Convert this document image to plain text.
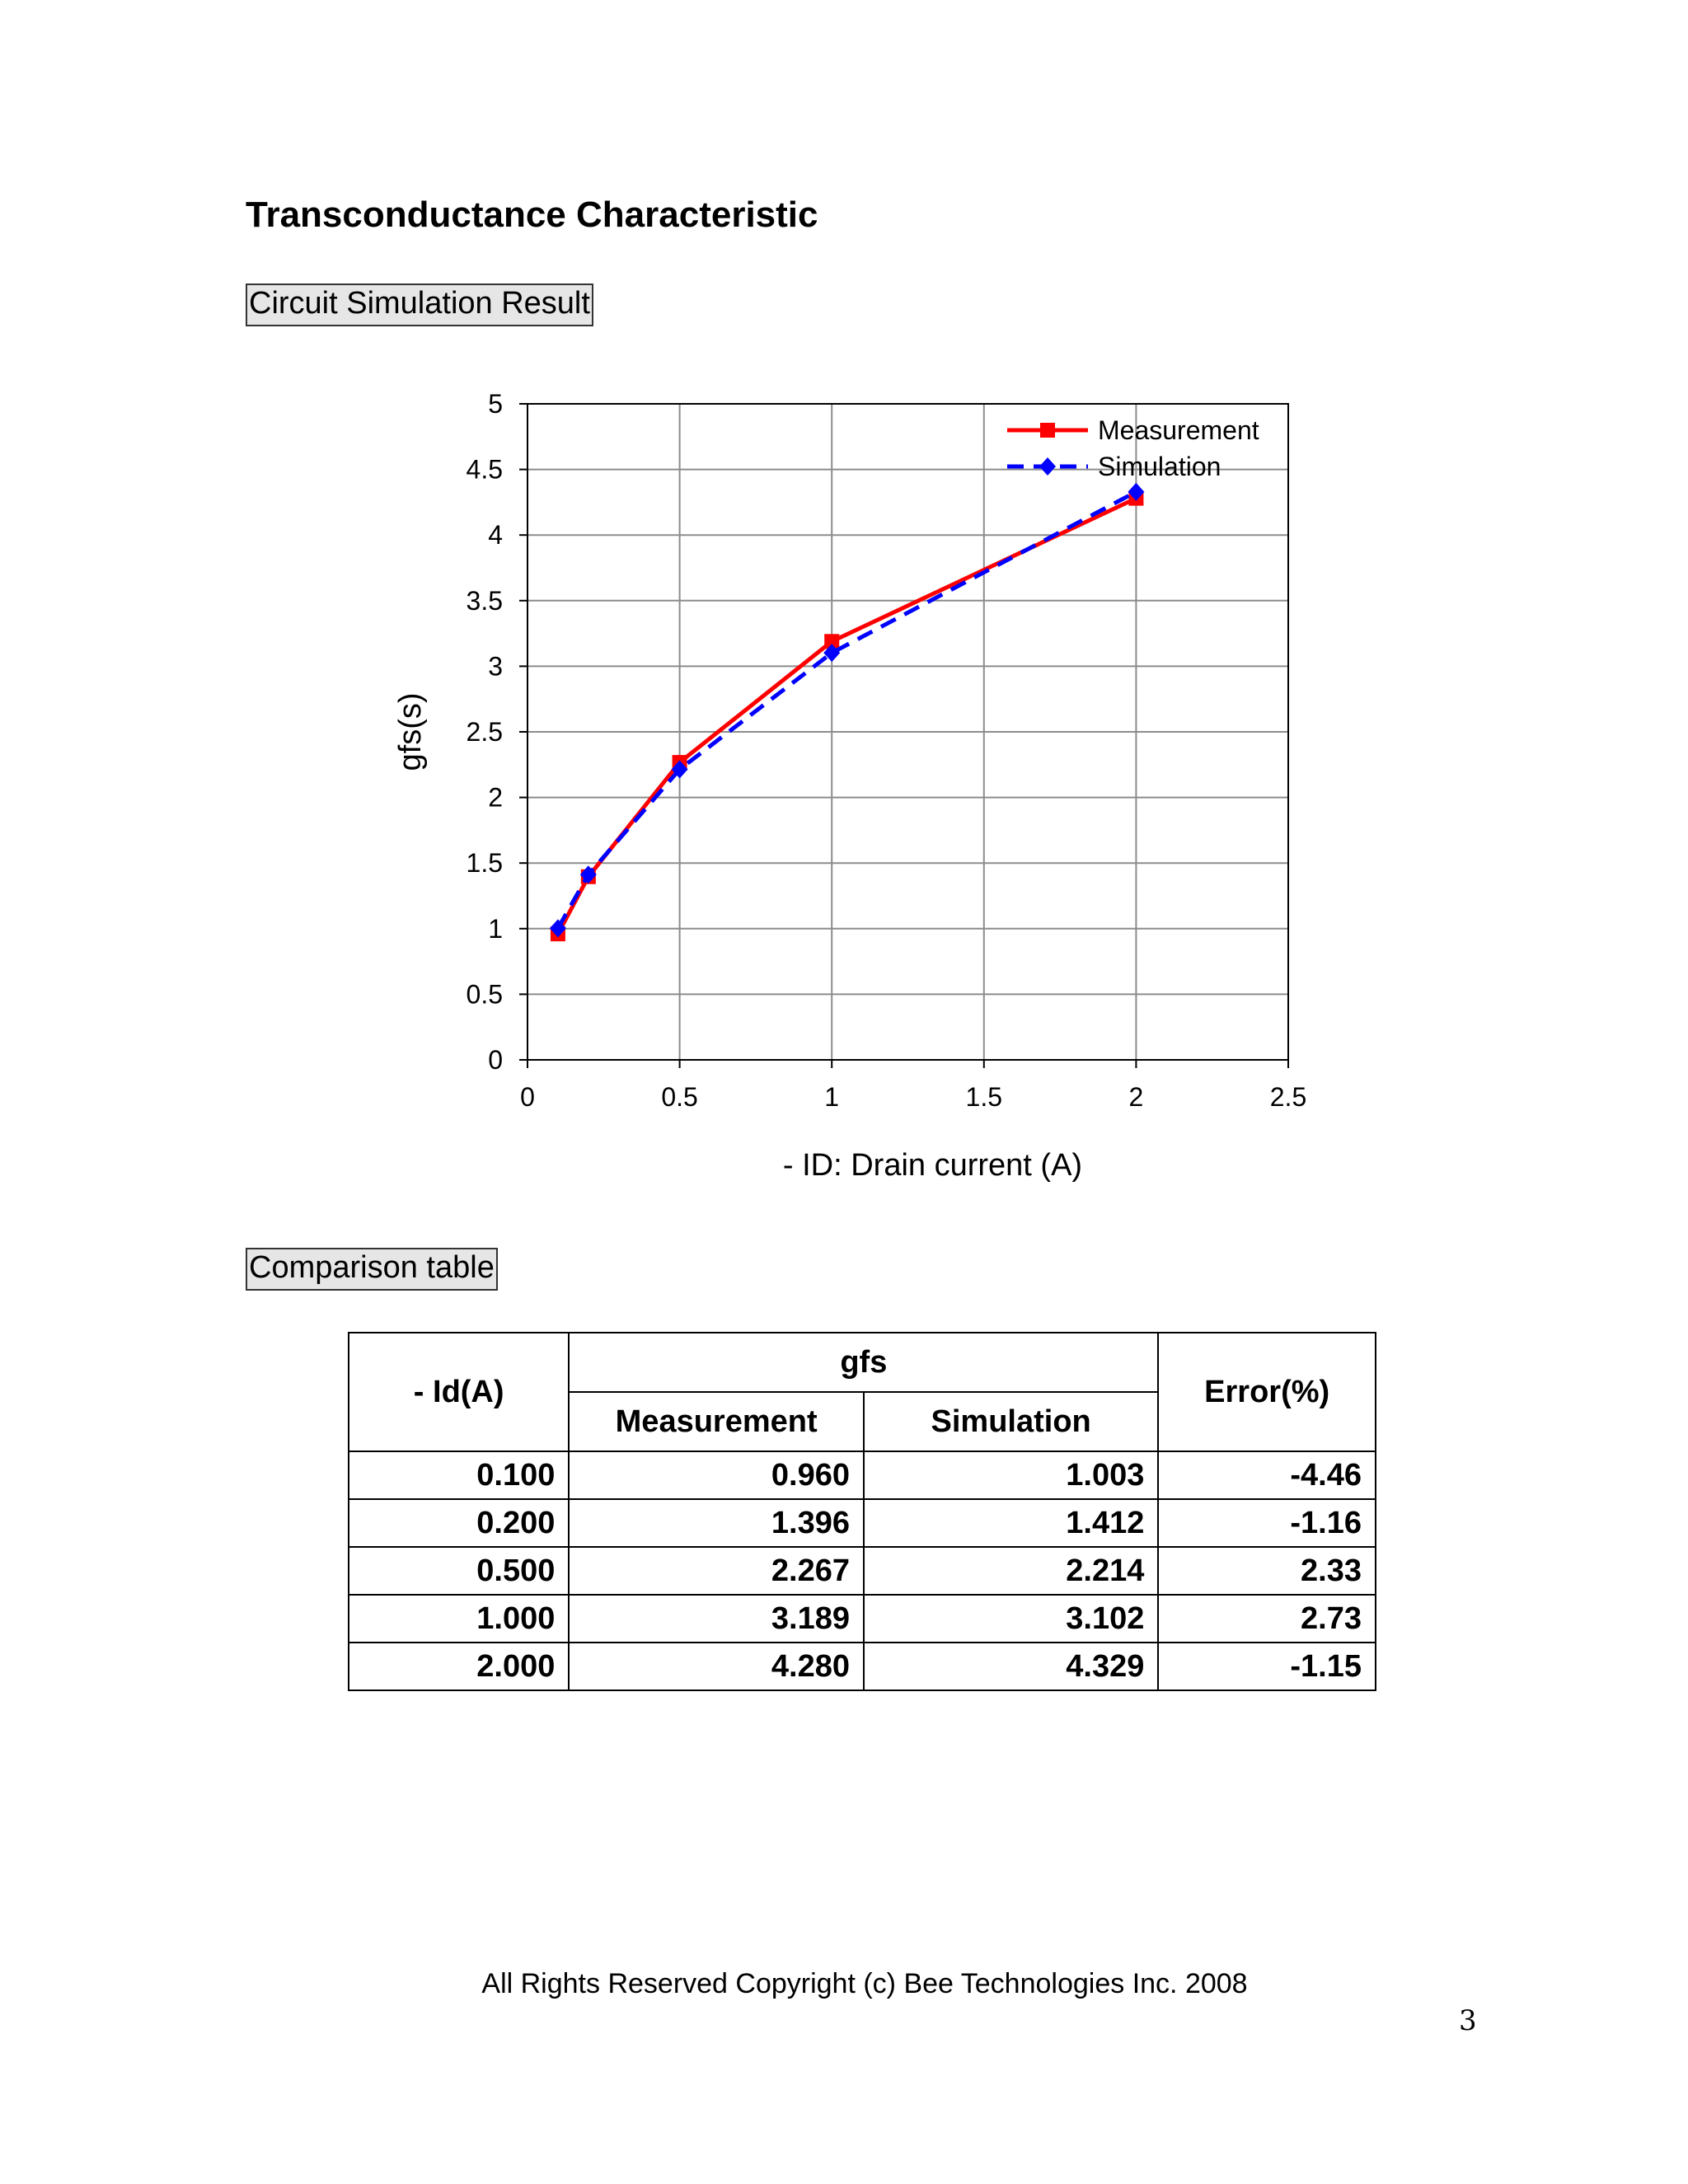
Transconductance Characteristic
Circuit Simulation Result
0	0.5	1	1.5	2	2.5
0
0.5
1
1.5
2
2.5
3
3.5
4
4.5
5
- ID: Drain current (A)
gfs(s)
Measurement
Simulation
Comparison table
- Id(A)	gfs		Error(%)
	Measurement	Simulation	
0.100	0.960	1.003	-4.46
0.200	1.396	1.412	-1.16
0.500	2.267	2.214	2.33
1.000	3.189	3.102	2.73
2.000	4.280	4.329	-1.15
All Rights Reserved Copyright (c) Bee Technologies Inc. 2008
3
